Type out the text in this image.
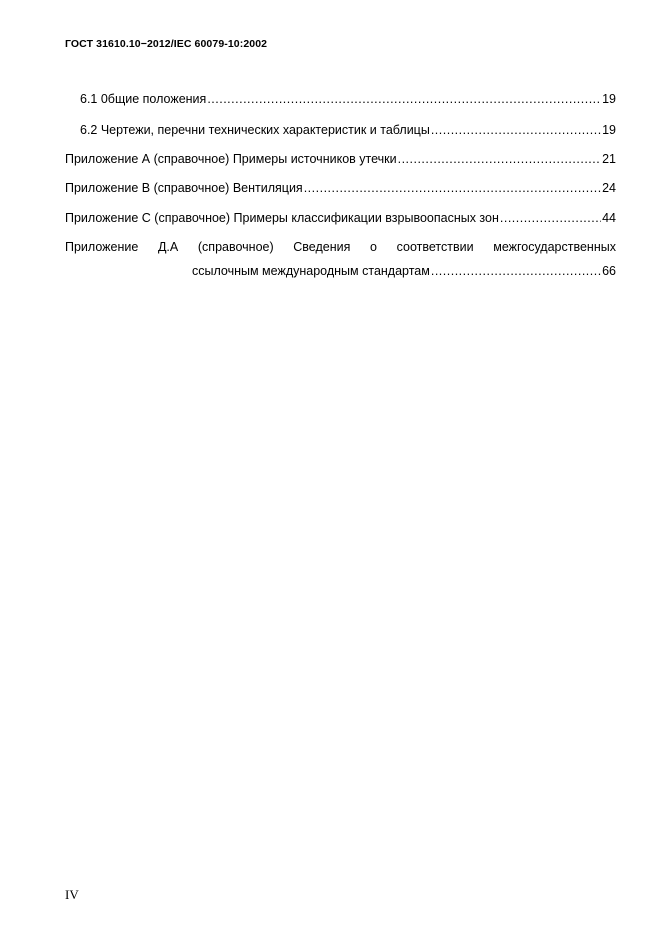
ГОСТ 31610.10−2012/IEC 60079-10:2002
6.1 0бщие положения .....	19
6.2 Чертежи, перечни технических характеристик и таблицы .....	19
Приложение А (справочное) Примеры источников утечки .....	21
Приложение В (справочное) Вентиляция .....	24
Приложение С (справочное) Примеры классификации взрывоопасных зон .....	44
Приложение Д.А (справочное) Сведения о соответствии межгосударственных
ссылочным международным стандартам .....	66
IV
